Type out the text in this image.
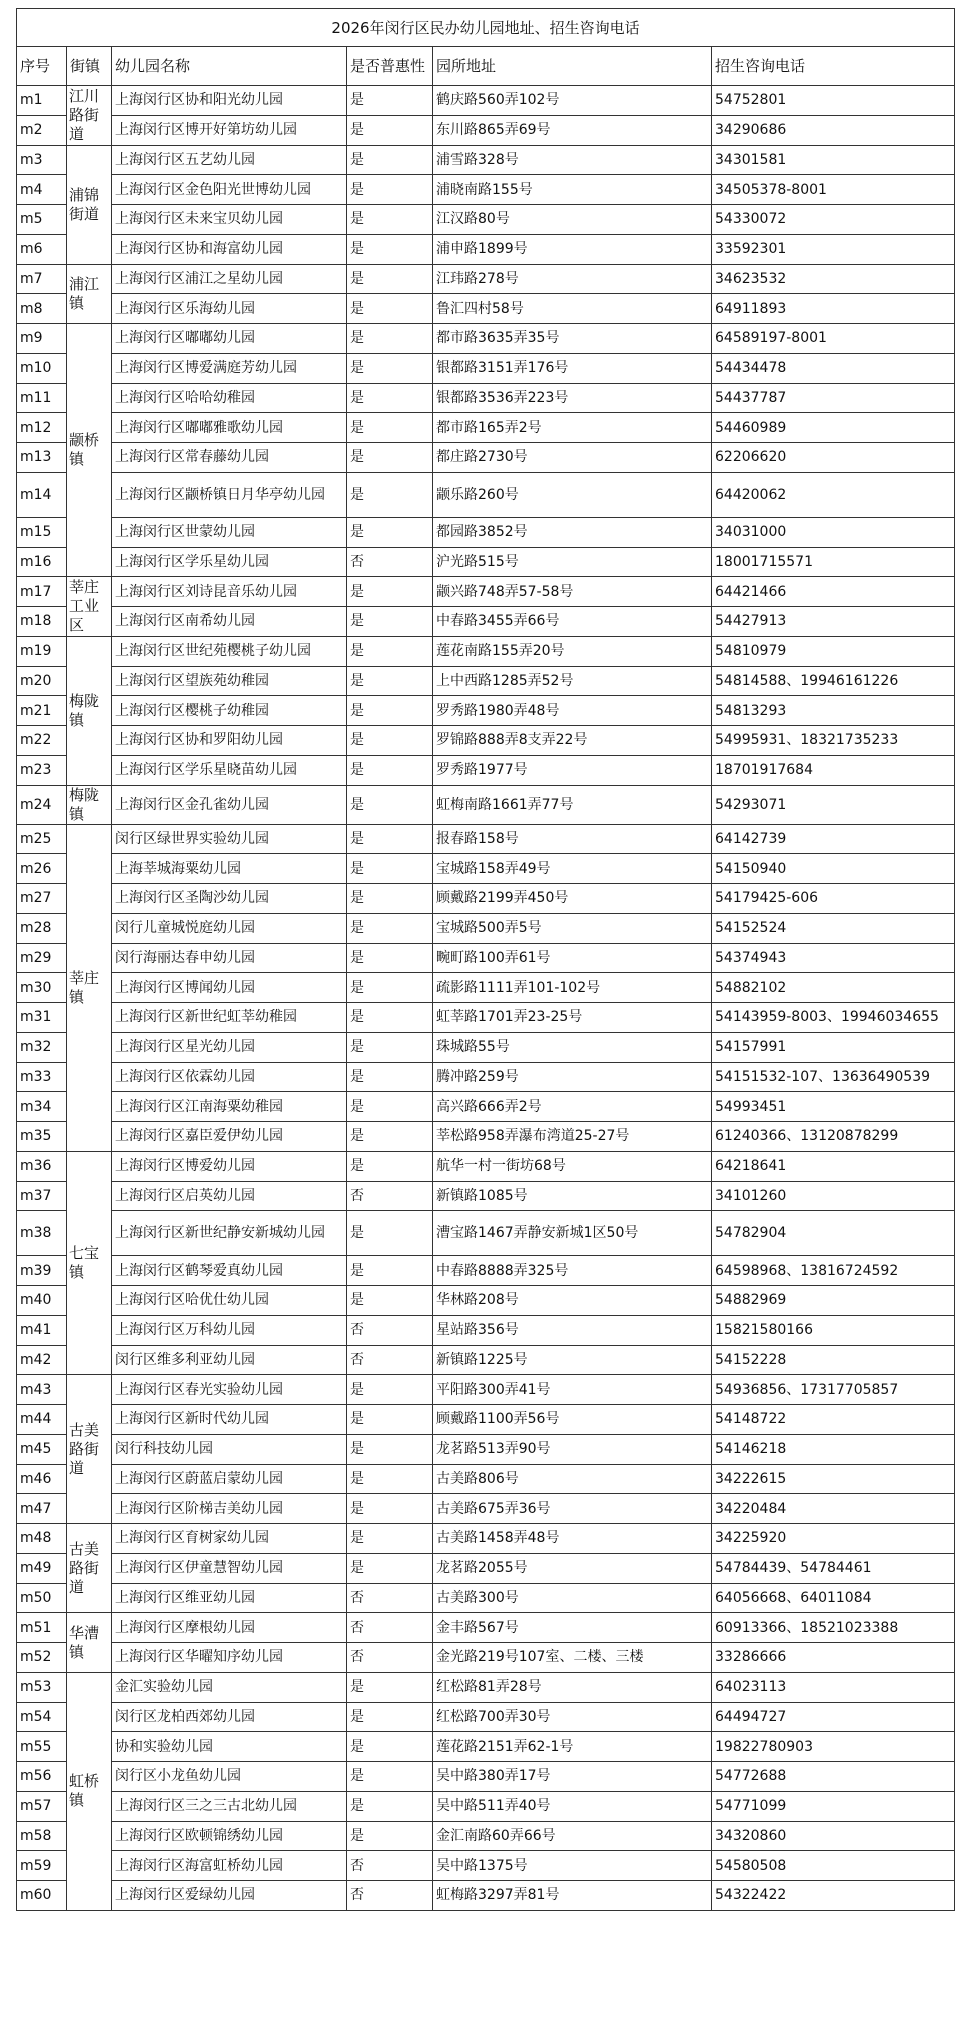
2026年闵行区民办幼儿园地址、招生咨询电话					
序号	街镇	幼儿园名称	是否普惠性	园所地址	招生咨询电话
m1	江川路街道	上海闵行区协和阳光幼儿园	是	鹤庆路560弄102号	54752801
m2		上海闵行区博开好第坊幼儿园	是	东川路865弄69号	34290686
m3	浦锦街道	上海闵行区五艺幼儿园	是	浦雪路328号	34301581
m4		上海闵行区金色阳光世博幼儿园	是	浦晓南路155号	34505378-8001
m5		上海闵行区未来宝贝幼儿园	是	江汉路80号	54330072
m6		上海闵行区协和海富幼儿园	是	浦申路1899号	33592301
m7	浦江镇	上海闵行区浦江之星幼儿园	是	江玮路278号	34623532
m8		上海闵行区乐海幼儿园	是	鲁汇四村58号	64911893
m9	颛桥镇	上海闵行区嘟嘟幼儿园	是	都市路3635弄35号	64589197-8001
m10		上海闵行区博爱满庭芳幼儿园	是	银都路3151弄176号	54434478
m11		上海闵行区哈哈幼稚园	是	银都路3536弄223号	54437787
m12		上海闵行区嘟嘟雅歌幼儿园	是	都市路165弄2号	54460989
m13		上海闵行区常春藤幼儿园	是	都庄路2730号	62206620
m14		上海闵行区颛桥镇日月华亭幼儿园	是	颛乐路260号	64420062
m15		上海闵行区世蒙幼儿园	是	都园路3852号	34031000
m16		上海闵行区学乐星幼儿园	否	沪光路515号	18001715571
m17	莘庄工业区	上海闵行区刘诗昆音乐幼儿园	是	颛兴路748弄57-58号	64421466
m18		上海闵行区南希幼儿园	是	中春路3455弄66号	54427913
m19	梅陇镇	上海闵行区世纪苑樱桃子幼儿园	是	莲花南路155弄20号	54810979
m20		上海闵行区望族苑幼稚园	是	上中西路1285弄52号	54814588、19946161226
m21		上海闵行区樱桃子幼稚园	是	罗秀路1980弄48号	54813293
m22		上海闵行区协和罗阳幼儿园	是	罗锦路888弄8支弄22号	54995931、18321735233
m23		上海闵行区学乐星晓苗幼儿园	是	罗秀路1977号	18701917684
m24	梅陇镇	上海闵行区金孔雀幼儿园	是	虹梅南路1661弄77号	54293071
m25	莘庄镇	闵行区绿世界实验幼儿园	是	报春路158号	64142739
m26		上海莘城海粟幼儿园	是	宝城路158弄49号	54150940
m27		上海闵行区圣陶沙幼儿园	是	顾戴路2199弄450号	54179425-606
m28		闵行儿童城悦庭幼儿园	是	宝城路500弄5号	54152524
m29		闵行海丽达春申幼儿园	是	畹町路100弄61号	54374943
m30		上海闵行区博闻幼儿园	是	疏影路1111弄101-102号	54882102
m31		上海闵行区新世纪虹莘幼稚园	是	虹莘路1701弄23-25号	54143959-8003、19946034655
m32		上海闵行区星光幼儿园	是	珠城路55号	54157991
m33		上海闵行区依霖幼儿园	是	腾冲路259号	54151532-107、13636490539
m34		上海闵行区江南海粟幼稚园	是	高兴路666弄2号	54993451
m35		上海闵行区嘉臣爱伊幼儿园	是	莘松路958弄瀑布湾道25-27号	61240366、13120878299
m36	七宝镇	上海闵行区博爱幼儿园	是	航华一村一街坊68号	64218641
m37		上海闵行区启英幼儿园	否	新镇路1085号	34101260
m38		上海闵行区新世纪静安新城幼儿园	是	漕宝路1467弄静安新城1区50号	54782904
m39		上海闵行区鹤琴爱真幼儿园	是	中春路8888弄325号	64598968、13816724592
m40		上海闵行区哈优仕幼儿园	是	华林路208号	54882969
m41		上海闵行区万科幼儿园	否	星站路356号	15821580166
m42		闵行区维多利亚幼儿园	否	新镇路1225号	54152228
m43	古美路街道	上海闵行区春光实验幼儿园	是	平阳路300弄41号	54936856、17317705857
m44		上海闵行区新时代幼儿园	是	顾戴路1100弄56号	54148722
m45		闵行科技幼儿园	是	龙茗路513弄90号	54146218
m46		上海闵行区蔚蓝启蒙幼儿园	是	古美路806号	34222615
m47		上海闵行区阶梯吉美幼儿园	是	古美路675弄36号	34220484
m48	古美路街道	上海闵行区育树家幼儿园	是	古美路1458弄48号	34225920
m49		上海闵行区伊童慧智幼儿园	是	龙茗路2055号	54784439、54784461
m50		上海闵行区维亚幼儿园	否	古美路300号	64056668、64011084
m51	华漕镇	上海闵行区摩根幼儿园	否	金丰路567号	60913366、18521023388
m52		上海闵行区华曜知序幼儿园	否	金光路219号107室、二楼、三楼	33286666
m53	虹桥镇	金汇实验幼儿园	是	红松路81弄28号	64023113
m54		闵行区龙柏西郊幼儿园	是	红松路700弄30号	64494727
m55		协和实验幼儿园	是	莲花路2151弄62-1号	19822780903
m56		闵行区小龙鱼幼儿园	是	吴中路380弄17号	54772688
m57		上海闵行区三之三古北幼儿园	是	吴中路511弄40号	54771099
m58		上海闵行区欧顿锦绣幼儿园	是	金汇南路60弄66号	34320860
m59		上海闵行区海富虹桥幼儿园	否	吴中路1375号	54580508
m60		上海闵行区爱绿幼儿园	否	虹梅路3297弄81号	54322422
